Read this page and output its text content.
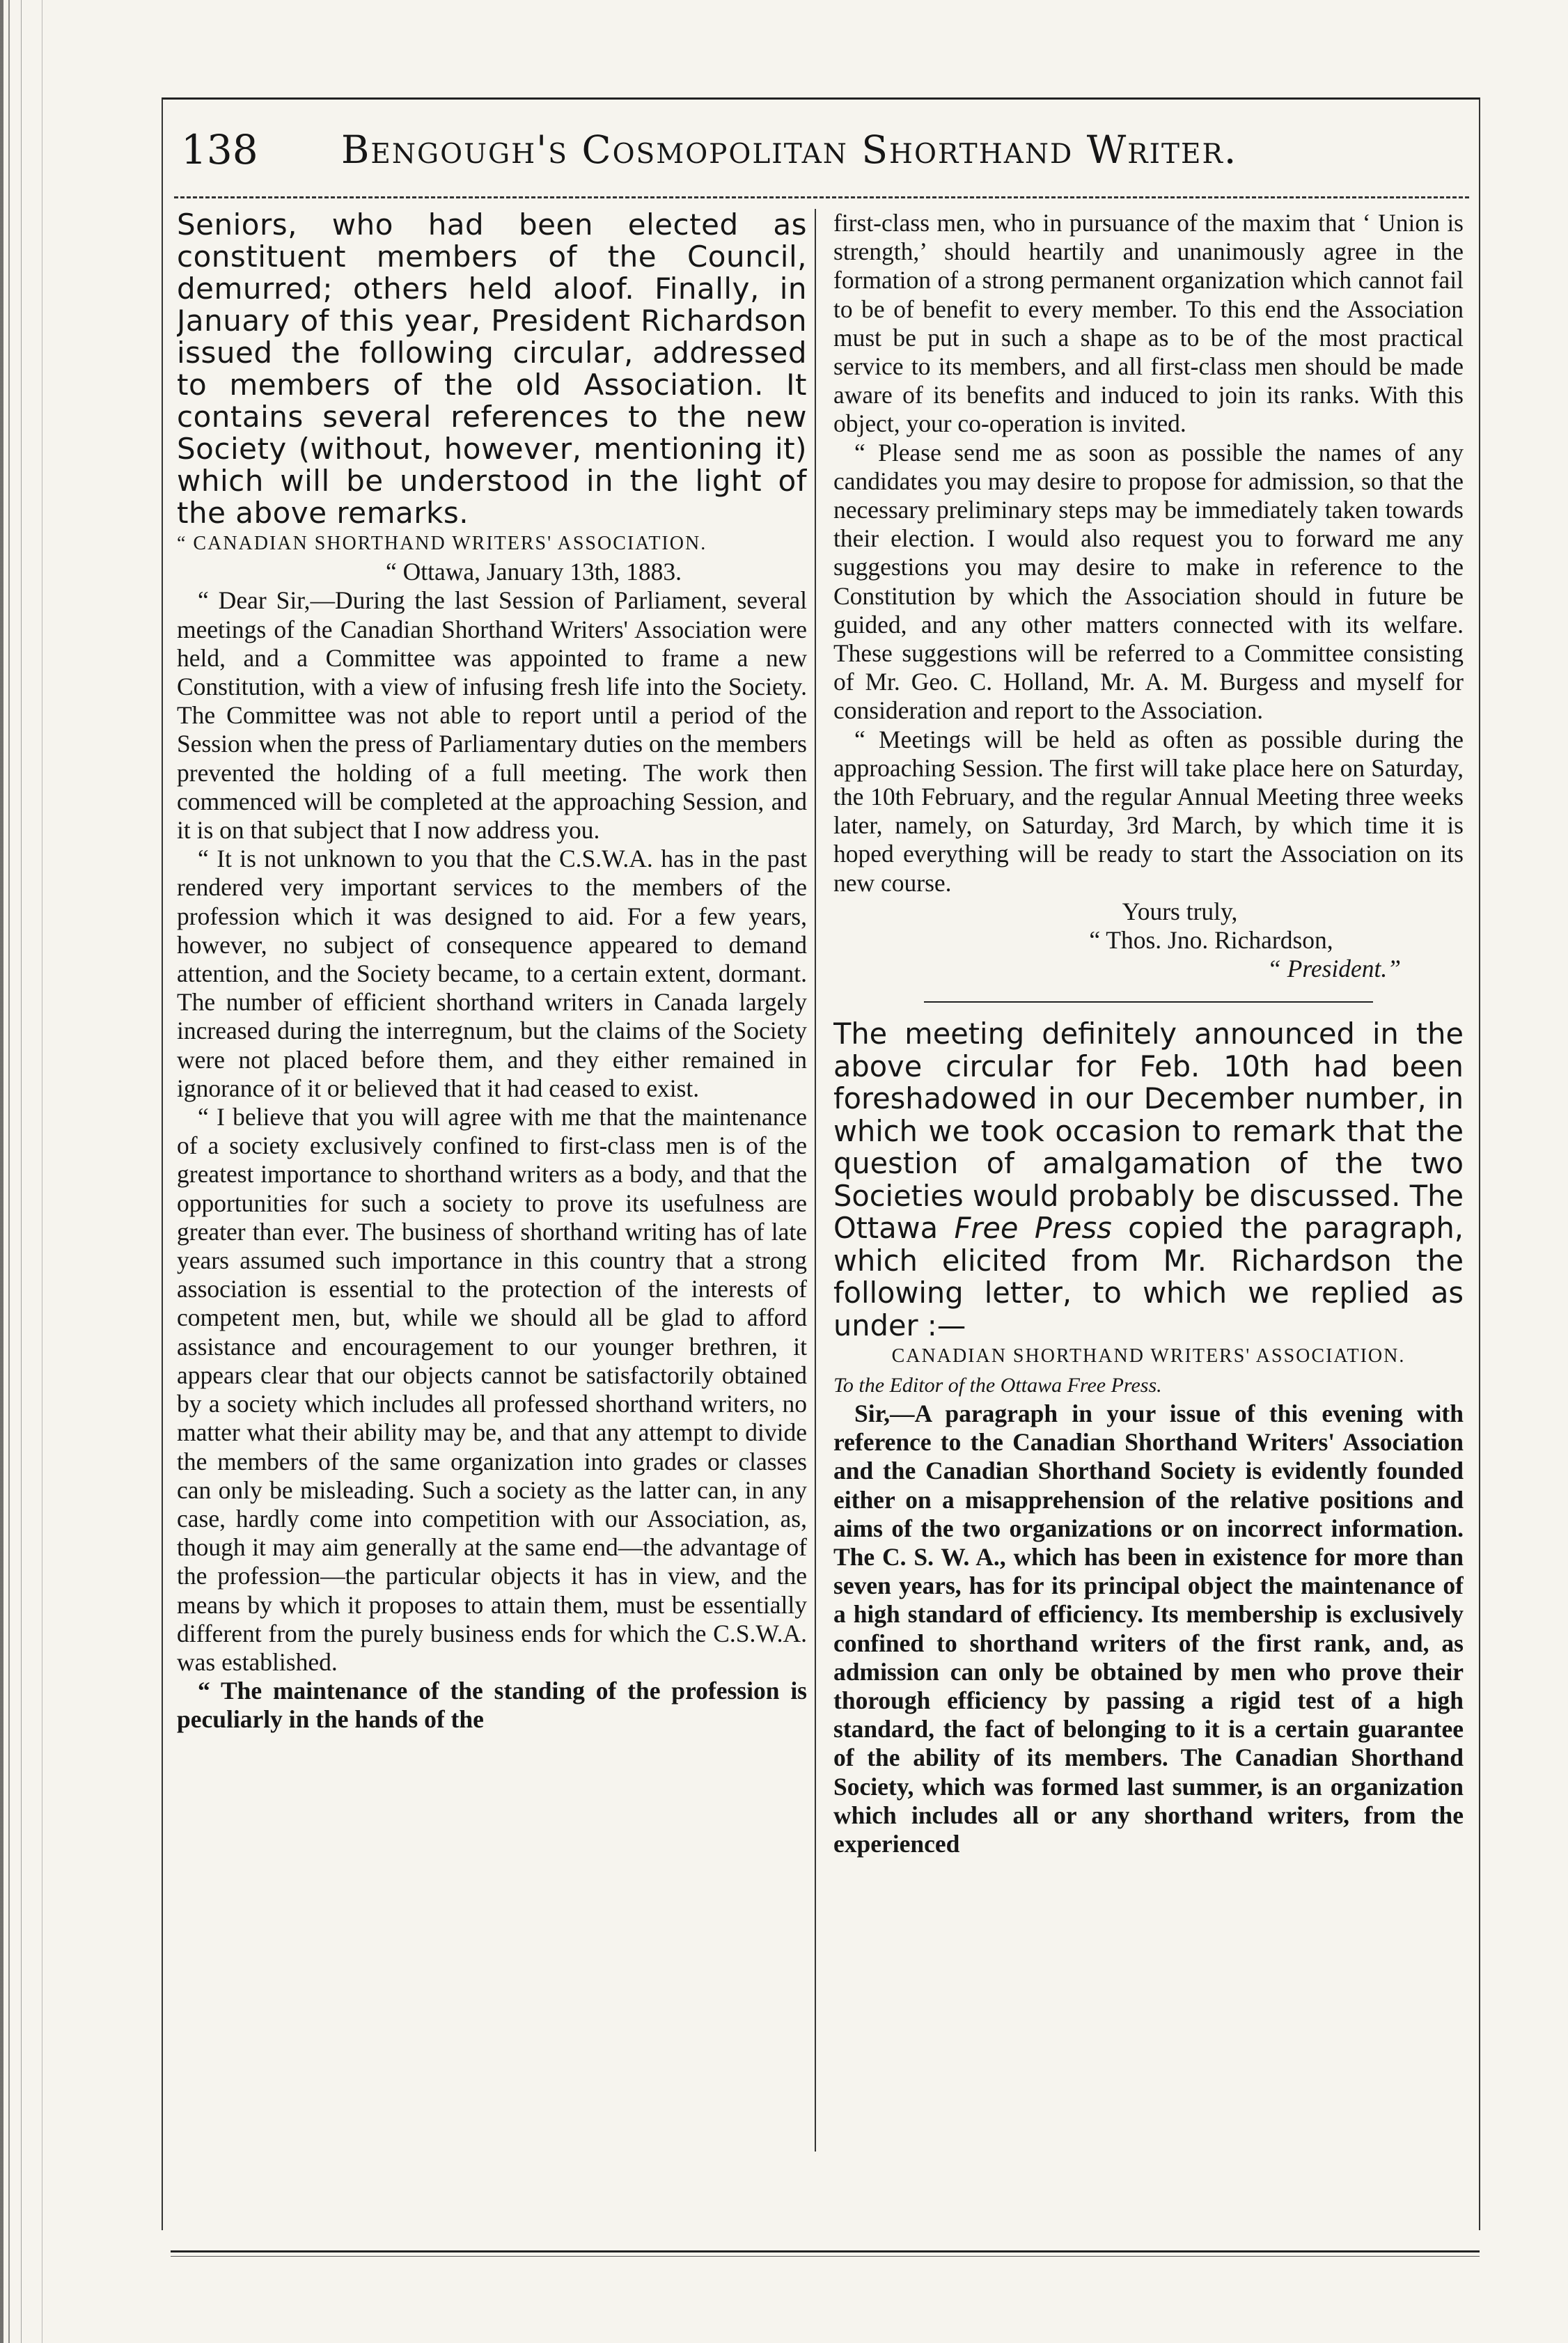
138	Bengough's Cosmopolitan Shorthand Writer.

Seniors, who had been elected as constituent members of the Council, demurred; others held aloof. Finally, in January of this year, President Richardson issued the following circular, addressed to members of the old Association. It contains several references to the new Society (without, however, mentioning it) which will be understood in the light of the above remarks.

“ CANADIAN SHORTHAND WRITERS' ASSOCIATION.

“ Ottawa, January 13th, 1883.

“ Dear Sir,—During the last Session of Parliament, several meetings of the Canadian Shorthand Writers' Association were held, and a Committee was appointed to frame a new Constitution, with a view of infusing fresh life into the Society. The Committee was not able to report until a period of the Session when the press of Parliamentary duties on the members prevented the holding of a full meeting. The work then commenced will be completed at the approaching Session, and it is on that subject that I now address you.

“ It is not unknown to you that the C.S.W.A. has in the past rendered very important services to the members of the profession which it was designed to aid. For a few years, however, no subject of consequence appeared to demand attention, and the Society became, to a certain extent, dormant. The number of efficient shorthand writers in Canada largely increased during the interregnum, but the claims of the Society were not placed before them, and they either remained in ignorance of it or believed that it had ceased to exist.

“ I believe that you will agree with me that the maintenance of a society exclusively confined to first-class men is of the greatest importance to shorthand writers as a body, and that the opportunities for such a society to prove its usefulness are greater than ever. The business of shorthand writing has of late years assumed such importance in this country that a strong association is essential to the protection of the interests of competent men, but, while we should all be glad to afford assistance and encouragement to our younger brethren, it appears clear that our objects cannot be satisfactorily obtained by a society which includes all professed shorthand writers, no matter what their ability may be, and that any attempt to divide the members of the same organization into grades or classes can only be misleading. Such a society as the latter can, in any case, hardly come into competition with our Association, as, though it may aim generally at the same end—the advantage of the profession—the particular objects it has in view, and the means by which it proposes to attain them, must be essentially different from the purely business ends for which the C.S.W.A. was established.

“ The maintenance of the standing of the profession is peculiarly in the hands of the

first-class men, who in pursuance of the maxim that ‘ Union is strength,’ should heartily and unanimously agree in the formation of a strong permanent organization which cannot fail to be of benefit to every member. To this end the Association must be put in such a shape as to be of the most practical service to its members, and all first-class men should be made aware of its benefits and induced to join its ranks. With this object, your co-operation is invited.

“ Please send me as soon as possible the names of any candidates you may desire to propose for admission, so that the necessary preliminary steps may be immediately taken towards their election. I would also request you to forward me any suggestions you may desire to make in reference to the Constitution by which the Association should in future be guided, and any other matters connected with its welfare. These suggestions will be referred to a Committee consisting of Mr. Geo. C. Holland, Mr. A. M. Burgess and myself for consideration and report to the Association.

“ Meetings will be held as often as possible during the approaching Session. The first will take place here on Saturday, the 10th February, and the regular Annual Meeting three weeks later, namely, on Saturday, 3rd March, by which time it is hoped everything will be ready to start the Association on its new course.

Yours truly,

“ Thos. Jno. Richardson,

“ President.”

The meeting definitely announced in the above circular for Feb. 10th had been foreshadowed in our December number, in which we took occasion to remark that the question of amalgamation of the two Societies would probably be discussed. The Ottawa Free Press copied the paragraph, which elicited from Mr. Richardson the following letter, to which we replied as under :—

CANADIAN SHORTHAND WRITERS' ASSOCIATION.

To the Editor of the Ottawa Free Press.

Sir,—A paragraph in your issue of this evening with reference to the Canadian Shorthand Writers' Association and the Canadian Shorthand Society is evidently founded either on a misapprehension of the relative positions and aims of the two organizations or on incorrect information. The C. S. W. A., which has been in existence for more than seven years, has for its principal object the maintenance of a high standard of efficiency. Its membership is exclusively confined to shorthand writers of the first rank, and, as admission can only be obtained by men who prove their thorough efficiency by passing a rigid test of a high standard, the fact of belonging to it is a certain guarantee of the ability of its members. The Canadian Shorthand Society, which was formed last summer, is an organization which includes all or any shorthand writers, from the experienced
